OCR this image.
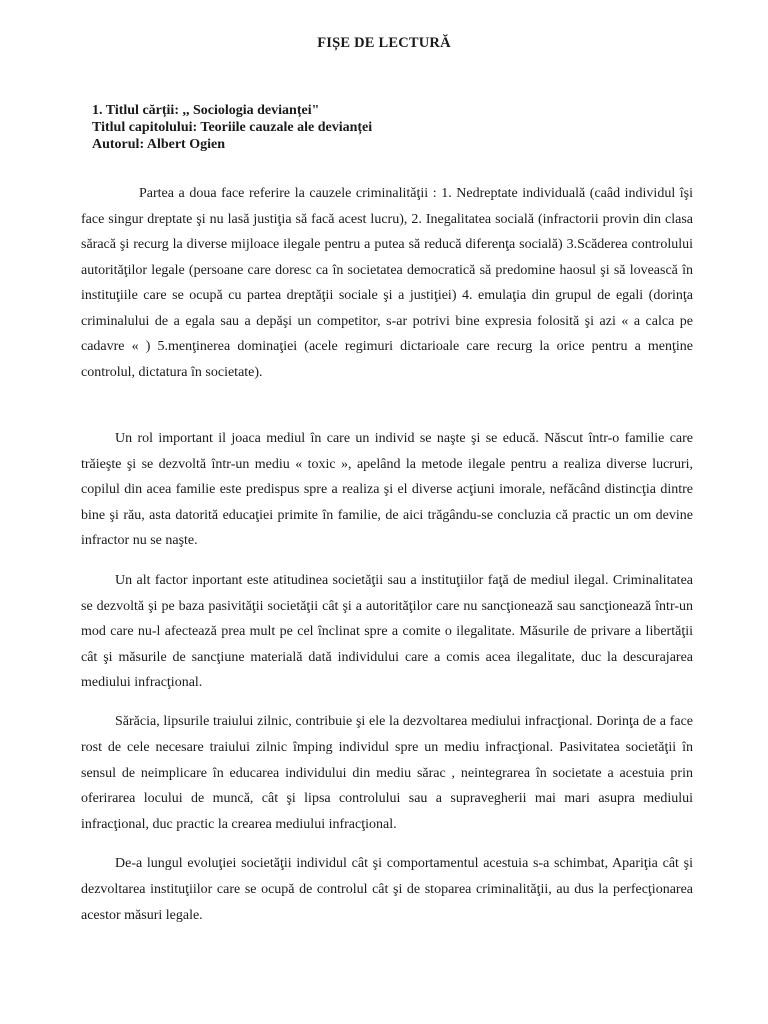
FIȘE DE LECTURĂ
1. Titlul cărții: ,, Sociologia devianței"
Titlul capitolului: Teoriile cauzale ale devianței
Autorul: Albert Ogien

Partea a doua face referire la cauzele criminalitǎţii : 1. Nedreptate individuală (caâd individul îşi face singur dreptate şi nu lasă justiţia să facă acest lucru), 2. Inegalitatea socială (infractorii provin din clasa săracă şi recurg la diverse mijloace ilegale pentru a putea să reducă diferenţa socială) 3.Scăderea controlului autorităţilor legale (persoane care doresc ca în societatea democratică să predomine haosul şi să lovească în instituţiile care se ocupă cu partea dreptăţii sociale şi a justiţiei) 4. emulaţia din grupul de egali (dorinţa criminalului de a egala sau a depăşi un competitor, s-ar potrivi bine expresia folosită şi azi « a calca pe cadavre « ) 5.menţinerea dominaţiei (acele regimuri dictarioale care recurg la orice pentru a menţine controlul, dictatura în societate).

Un rol important il joaca mediul în care un individ se naşte şi se educă. Născut într-o familie care trăieşte şi se dezvoltă într-un mediu « toxic », apelând la metode ilegale pentru a realiza diverse lucruri, copilul din acea familie este predispus spre a realiza şi el diverse acţiuni imorale, nefăcând distincţia dintre bine şi rău, asta datorită educaţiei primite în familie, de aici trăgându-se concluzia că practic un om devine infractor nu se naşte.

Un alt factor inportant este atitudinea societăţii sau a instituţiilor faţă de mediul ilegal. Criminalitatea se dezvoltă şi pe baza pasivităţii societăţii cât şi a autorităţilor care nu sancţionează sau sancţionează într-un mod care nu-l afectează prea mult pe cel înclinat spre a comite o ilegalitate. Măsurile de privare a libertăţii cât şi măsurile de sancţiune materială dată individului care a comis acea ilegalitate, duc la descurajarea mediului infracţional.

Sărăcia, lipsurile traiului zilnic, contribuie şi ele la dezvoltarea mediului infracţional. Dorinţa de a face rost de cele necesare traiului zilnic împing individul spre un mediu infracţional. Pasivitatea societăţii în sensul de neimplicare în educarea individului din mediu sărac , neintegrarea în societate a acestuia prin oferirarea locului de muncă, cât şi lipsa controlului sau a supravegherii mai mari asupra mediului infracţional, duc practic la crearea mediului infracţional.

De-a lungul evoluţiei societăţii individul cât şi comportamentul acestuia s-a schimbat, Apariţia cât şi dezvoltarea instituţiilor care se ocupă de controlul cât şi de stoparea criminalităţii, au dus la perfecţionarea acestor măsuri legale.
